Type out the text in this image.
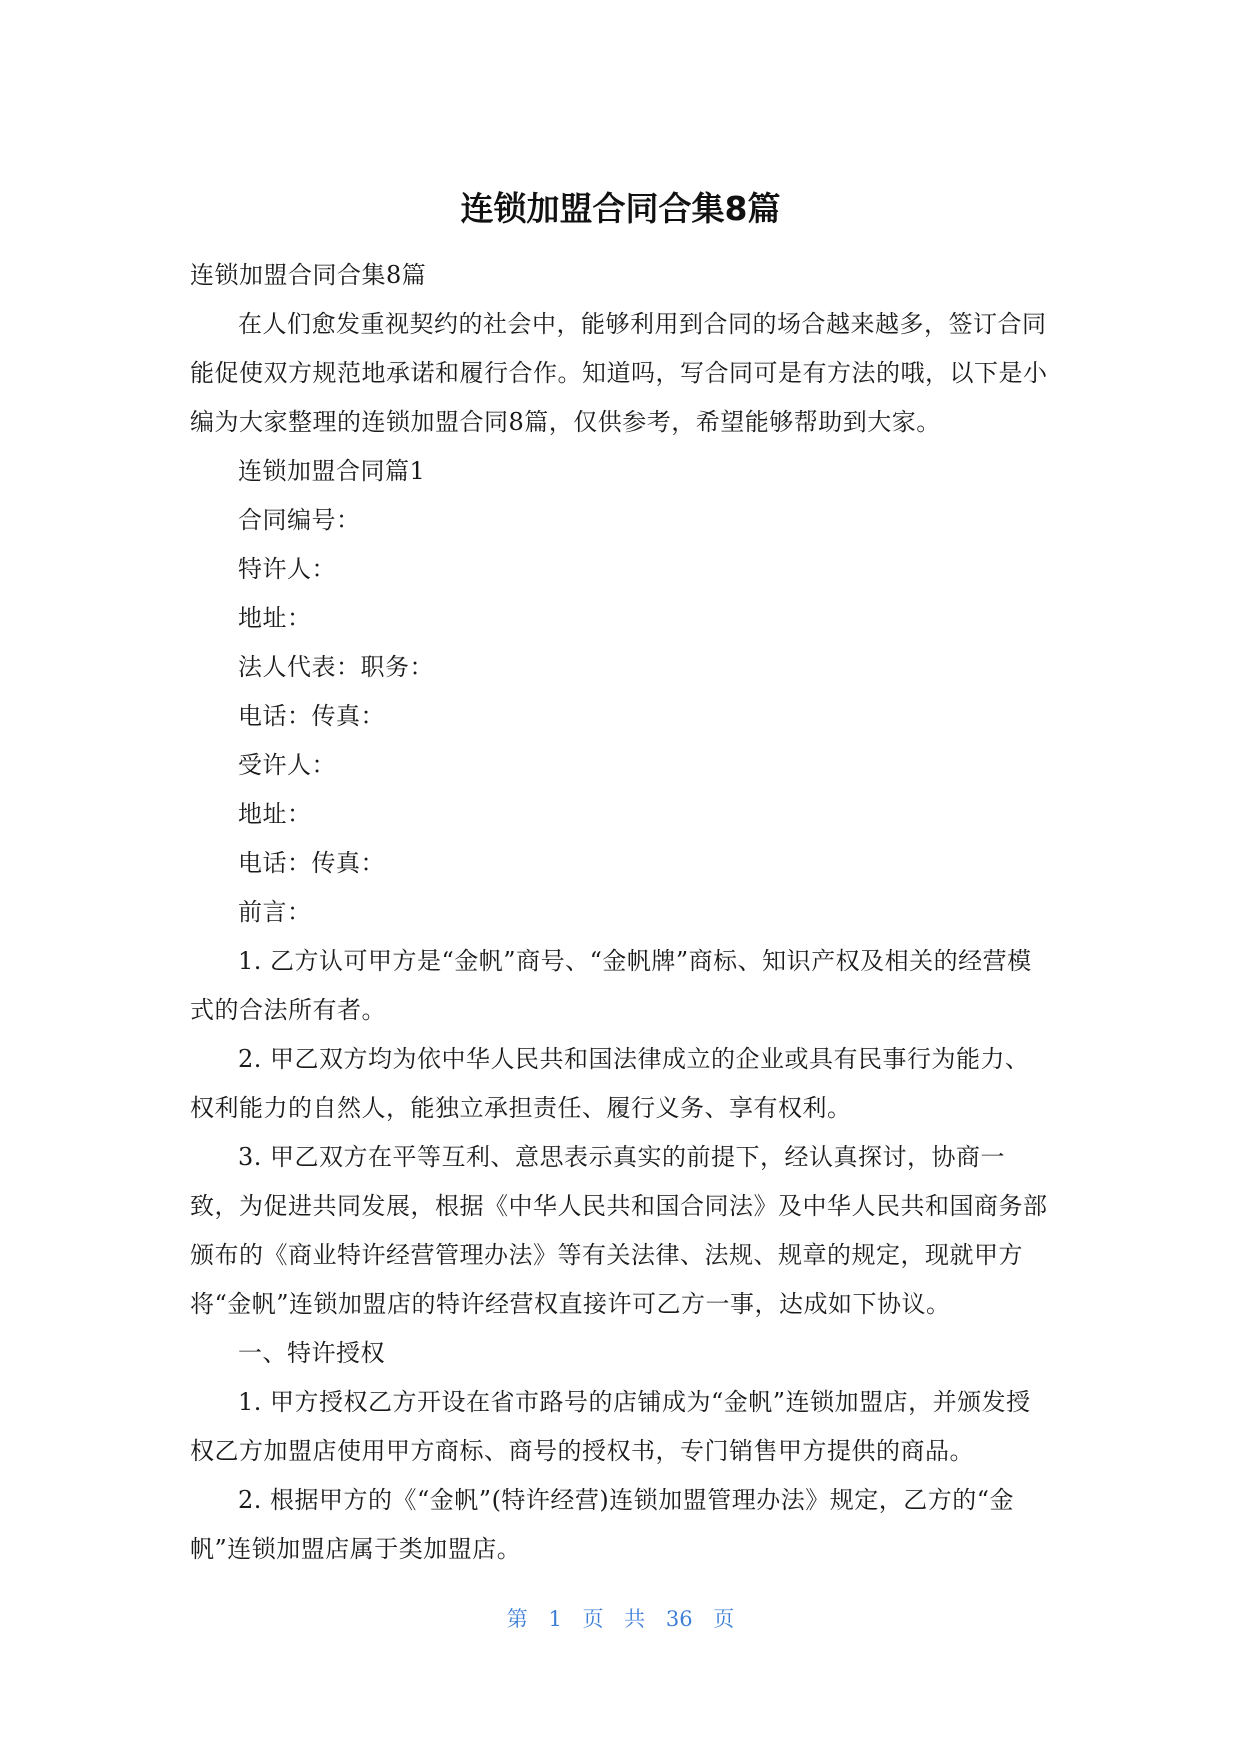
连锁加盟合同合集8篇

连锁加盟合同合集8篇

在人们愈发重视契约的社会中，能够利用到合同的场合越来越多，签订合同能促使双方规范地承诺和履行合作。知道吗，写合同可是有方法的哦，以下是小编为大家整理的连锁加盟合同8篇，仅供参考，希望能够帮助到大家。

连锁加盟合同篇1

合同编号：

特许人：

地址：

法人代表：职务：

电话：传真：

受许人：

地址：

电话：传真：

前言：

1. 乙方认可甲方是“金帆”商号、“金帆牌”商标、知识产权及相关的经营模式的合法所有者。

2. 甲乙双方均为依中华人民共和国法律成立的企业或具有民事行为能力、权利能力的自然人，能独立承担责任、履行义务、享有权利。

3. 甲乙双方在平等互利、意思表示真实的前提下，经认真探讨，协商一致，为促进共同发展，根据《中华人民共和国合同法》及中华人民共和国商务部颁布的《商业特许经营管理办法》等有关法律、法规、规章的规定，现就甲方将“金帆”连锁加盟店的特许经营权直接许可乙方一事，达成如下协议。

一、特许授权

1. 甲方授权乙方开设在省市路号的店铺成为“金帆”连锁加盟店，并颁发授权乙方加盟店使用甲方商标、商号的授权书，专门销售甲方提供的商品。

2. 根据甲方的《“金帆”(特许经营)连锁加盟管理办法》规定，乙方的“金帆”连锁加盟店属于类加盟店。

第 1 页 共 36 页
